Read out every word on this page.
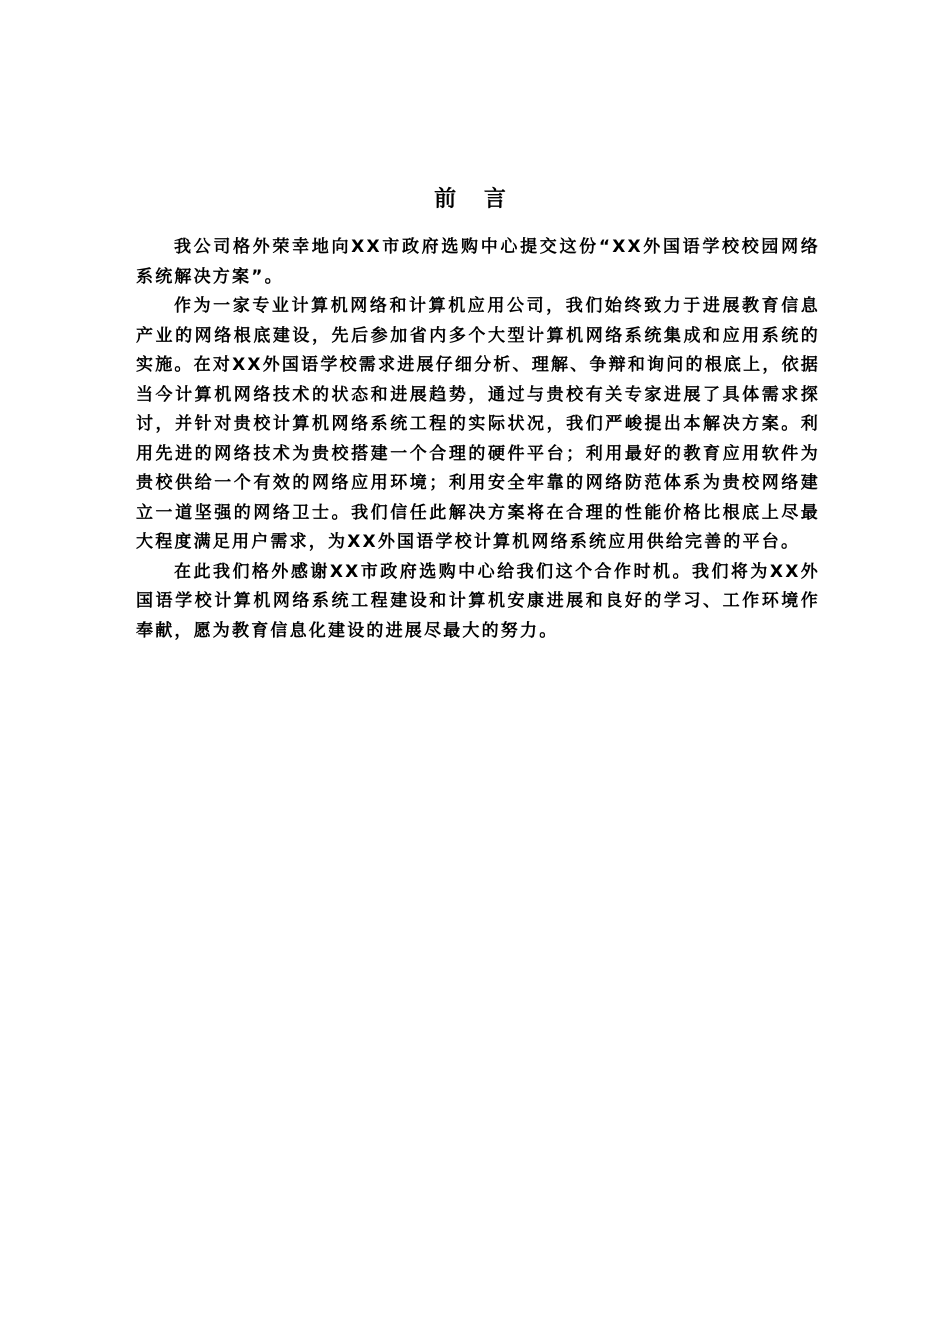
前 言

我公司格外荣幸地向XX市政府选购中心提交这份“XX外国语学校校园网络系统解决方案”。

作为一家专业计算机网络和计算机应用公司，我们始终致力于进展教育信息产业的网络根底建设，先后参加省内多个大型计算机网络系统集成和应用系统的实施。在对XX外国语学校需求进展仔细分析、理解、争辩和询问的根底上，依据当今计算机网络技术的状态和进展趋势，通过与贵校有关专家进展了具体需求探讨，并针对贵校计算机网络系统工程的实际状况，我们严峻提出本解决方案。利用先进的网络技术为贵校搭建一个合理的硬件平台；利用最好的教育应用软件为贵校供给一个有效的网络应用环境；利用安全牢靠的网络防范体系为贵校网络建立一道坚强的网络卫士。我们信任此解决方案将在合理的性能价格比根底上尽最大程度满足用户需求，为XX外国语学校计算机网络系统应用供给完善的平台。

在此我们格外感谢XX市政府选购中心给我们这个合作时机。我们将为XX外国语学校计算机网络系统工程建设和计算机安康进展和良好的学习、工作环境作奉献，愿为教育信息化建设的进展尽最大的努力。
